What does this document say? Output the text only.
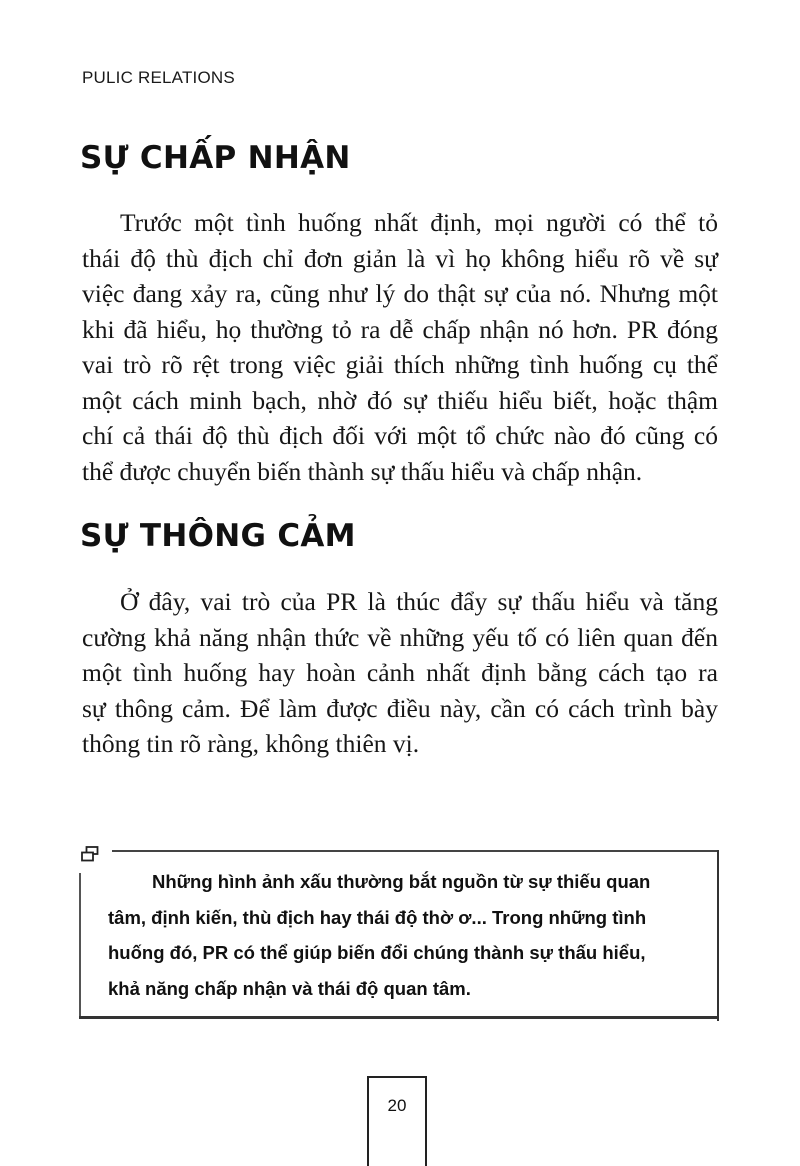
PULIC RELATIONS
SỰ CHẤP NHẬN
Trước một tình huống nhất định, mọi người có thể tỏ
thái độ thù địch chỉ đơn giản là vì họ không hiểu rõ về sự
việc đang xảy ra, cũng như lý do thật sự của nó. Nhưng một
khi đã hiểu, họ thường tỏ ra dễ chấp nhận nó hơn. PR đóng
vai trò rõ rệt trong việc giải thích những tình huống cụ thể
một cách minh bạch, nhờ đó sự thiếu hiểu biết, hoặc thậm
chí cả thái độ thù địch đối với một tổ chức nào đó cũng có
thể được chuyển biến thành sự thấu hiểu và chấp nhận.
SỰ THÔNG CẢM
Ở đây, vai trò của PR là thúc đẩy sự thấu hiểu và tăng
cường khả năng nhận thức về những yếu tố có liên quan đến
một tình huống hay hoàn cảnh nhất định bằng cách tạo ra
sự thông cảm. Để làm được điều này, cần có cách trình bày
thông tin rõ ràng, không thiên vị.
Những hình ảnh xấu thường bắt nguồn từ sự thiếu quan
tâm, định kiến, thù địch hay thái độ thờ ơ... Trong những tình
huống đó, PR có thể giúp biến đổi chúng thành sự thấu hiểu,
khả năng chấp nhận và thái độ quan tâm.
20
